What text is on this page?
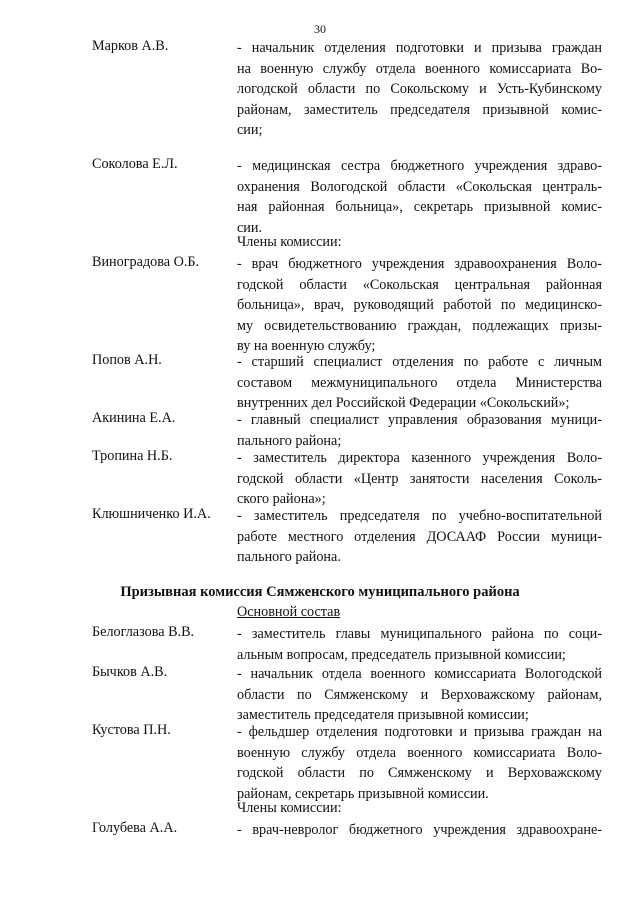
30
Марков А.В.	- начальник отделения подготовки и призыва граждан
на военную службу отдела военного комиссариата Во-
логодской области по Сокольскому и Усть-Кубинскому
районам, заместитель председателя призывной комис-
сии;
Соколова Е.Л.	- медицинская сестра бюджетного учреждения здраво-
охранения Вологодской области «Сокольская централь-
ная районная больница», секретарь призывной комис-
сии.
Члены комиссии:
Виноградова О.Б.	- врач бюджетного учреждения здравоохранения Воло-
годской области «Сокольская центральная районная
больница», врач, руководящий работой по медицинско-
му освидетельствованию граждан, подлежащих призы-
ву на военную службу;
Попов А.Н.	- старший специалист отделения по работе с личным
составом межмуниципального отдела Министерства
внутренних дел Российской Федерации «Сокольский»;
Акинина Е.А.	- главный специалист управления образования муници-
пального района;
Тропина Н.Б.	- заместитель директора казенного учреждения Воло-
годской области «Центр занятости населения Соколь-
ского района»;
Клюшниченко И.А. - заместитель председателя по учебно-воспитательной
работе местного отделения ДОСААФ России муници-
пального района.
Призывная комиссия Сямженского муниципального района
Основной состав
Белоглазова В.В.	- заместитель главы муниципального района по соци-
альным вопросам, председатель призывной комиссии;
Бычков А.В.	- начальник отдела военного комиссариата Вологодской
области по Сямженскому и Верховажскому районам,
заместитель председателя призывной комиссии;
Кустова П.Н.	- фельдшер отделения подготовки и призыва граждан на
военную службу отдела военного комиссариата Воло-
годской области по Сямженскому и Верховажскому
районам, секретарь призывной комиссии.
Члены комиссии:
Голубева А.А.	- врач-невролог бюджетного учреждения здравоохране-
